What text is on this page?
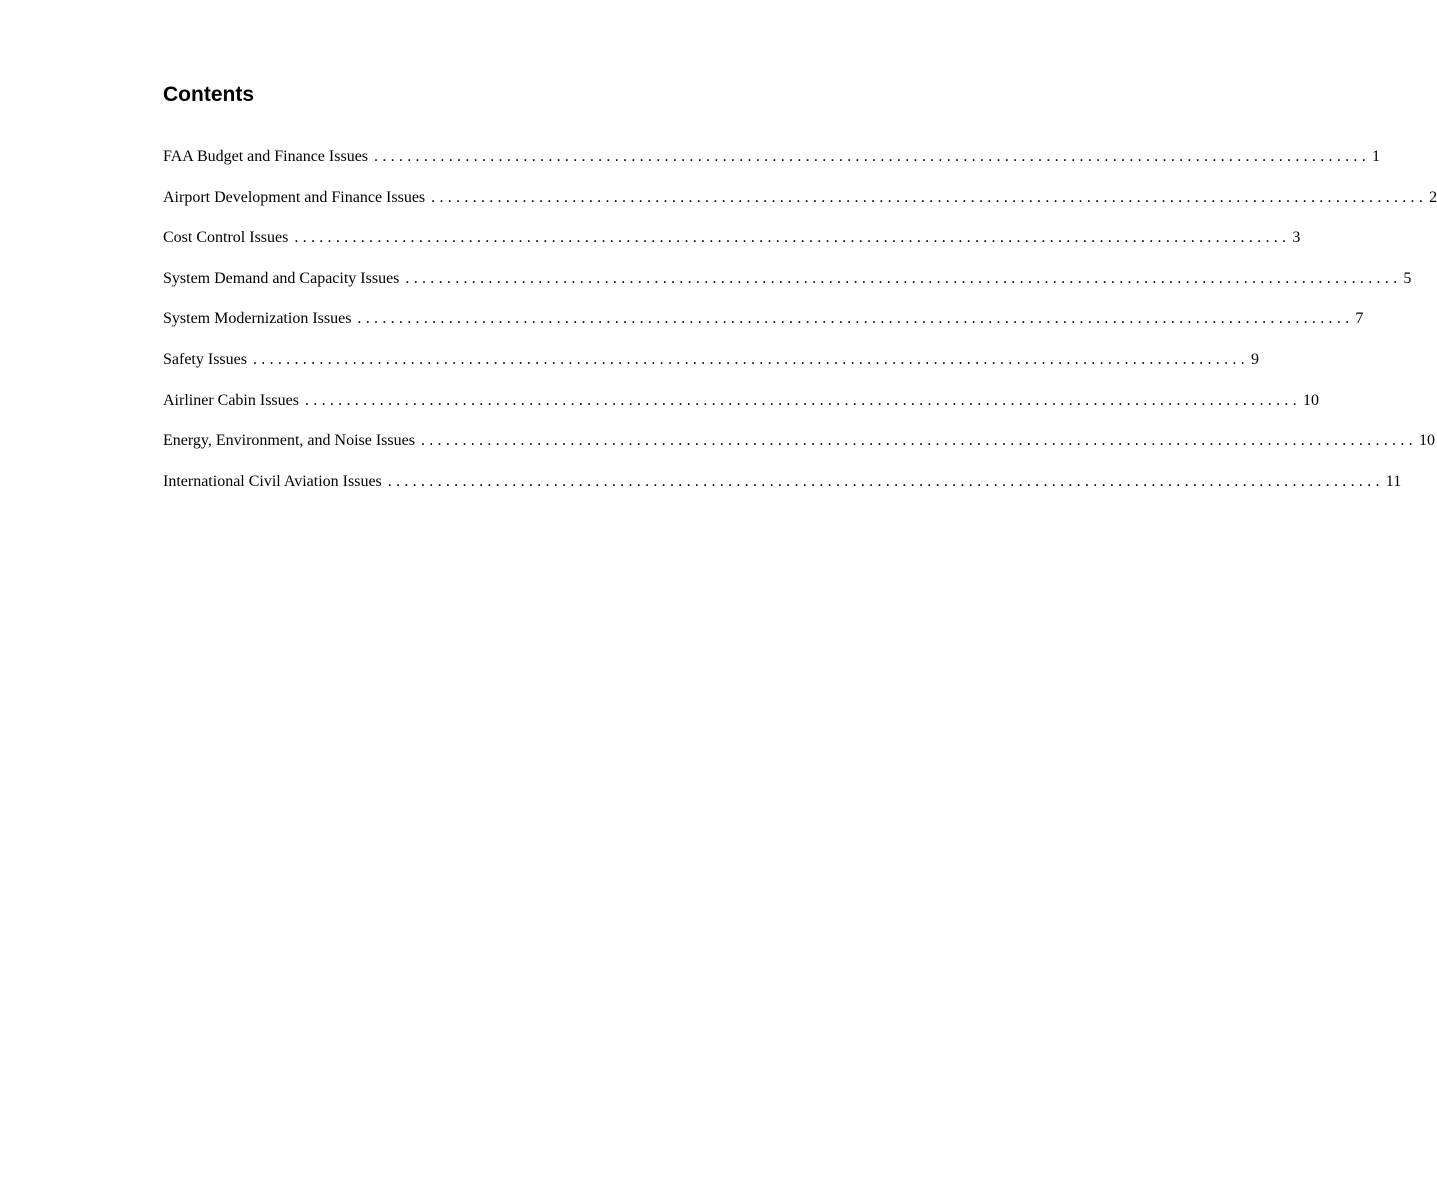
Contents
FAA Budget and Finance Issues ........................................................................................................................ 1
Airport Development and Finance Issues ........................................................................................................................ 2
Cost Control Issues ........................................................................................................................ 3
System Demand and Capacity Issues ........................................................................................................................ 5
System Modernization Issues ........................................................................................................................ 7
Safety Issues ........................................................................................................................ 9
Airliner Cabin Issues ........................................................................................................................ 10
Energy, Environment, and Noise Issues ........................................................................................................................ 10
International Civil Aviation Issues ........................................................................................................................ 11
